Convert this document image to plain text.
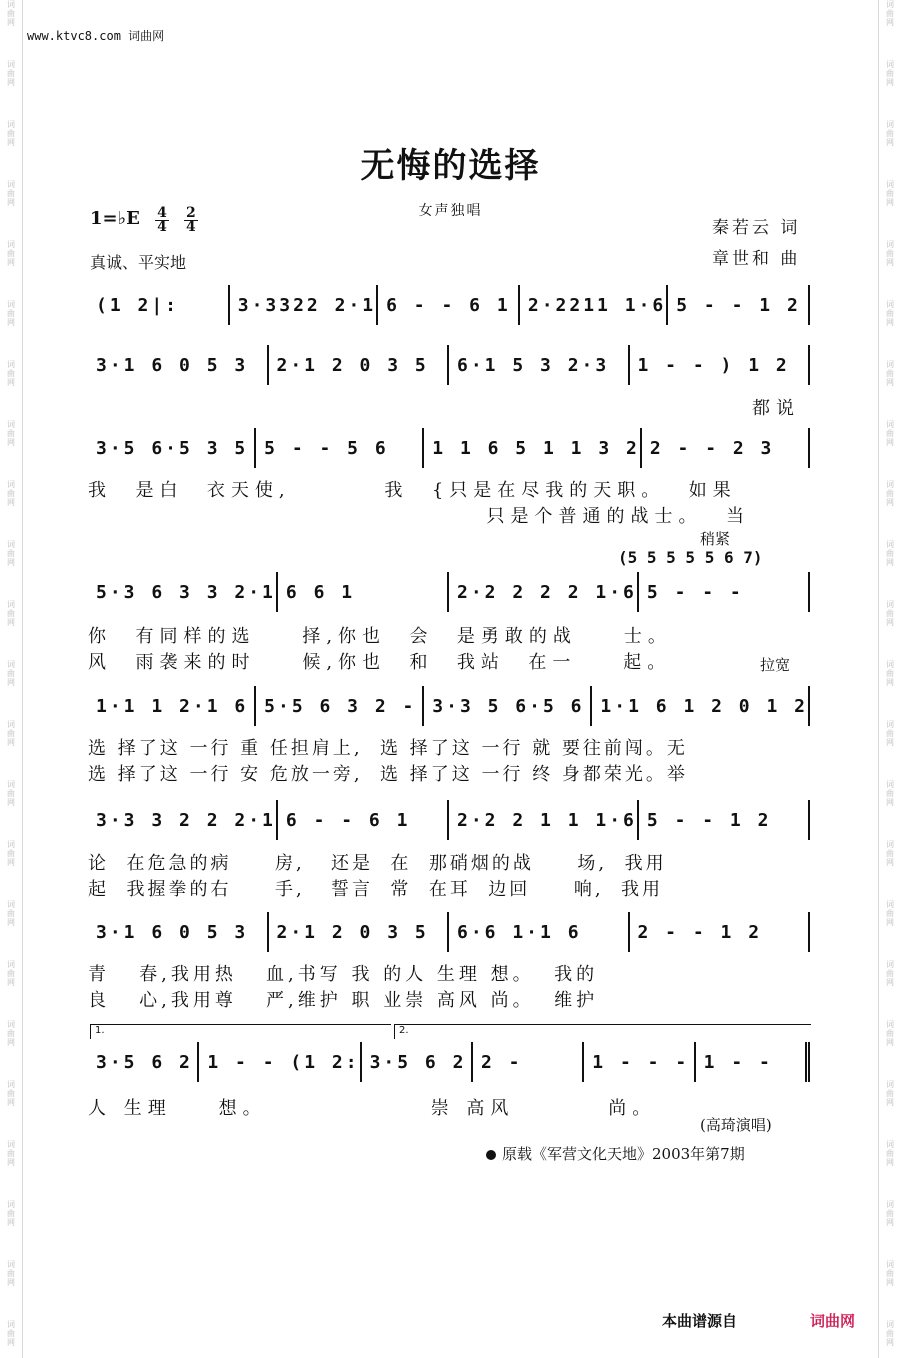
词
曲
网
词
曲
网
词
曲
网
词
曲
网
词
曲
网
词
曲
网
词
曲
网
词
曲
网
词
曲
网
词
曲
网
词
曲
网
词
曲
网
词
曲
网
词
曲
网
词
曲
网
词
曲
网
词
曲
网
词
曲
网
词
曲
网
词
曲
网
词
曲
网
词
曲
网
词
曲
网
词
曲
网
词
曲
网
词
曲
网
词
曲
网
词
曲
网
词
曲
网
词
曲
网
词
曲
网
词
曲
网
词
曲
网
词
曲
网
词
曲
网
词
曲
网
词
曲
网
词
曲
网
词
曲
网
词
曲
网
词
曲
网
词
曲
网
词
曲
网
词
曲
网
词
曲
网
词
曲
网
www.ktvc8.com 词曲网
无悔的选择
女声独唱
1=♭E $\frac{4}{4} \frac{2}{4}$
真诚、平实地
秦若云 词
章世和 曲
(1 2|:	3·3322 2·1 6 - - 6 1 2·2211 1·6 5 - - 1 2
3·1 6 0 5 3	2·1 2 0 3 5	6·1 5 3 2·3	1 - - ) 1 2
3·5 6·5 3 5 5 - - 5 6	1 1 6 5 1 1 3 2 2 - - 2 3
5·3 6 3 3 2·1 6 6 1	2·2 2 2 2 1·6 5 - - -
1·1 1 2·1 6 5·5 6 3 2 - 3·3 5 6·5 6 1·1 6 1 2 0 1 2
3·3 3 2 2 2·1 6 - - 6 1	2·2 2 1 1 1·6 5 - - 1 2
3·1 6 0 5 3	2·1 2 0 3 5	6·6 1·1 6	2 - - 1 2
3·5 6 2 1 - - (1 2: 3·5 6 2 2 -	1 - - - 1 - -
都说
我  是白  衣天使,        我  {只是在尽我的天职。  如果
只是个普通的战士。  当
你  有同样的选    择,你也  会  是勇敢的战    士。
风  雨袭来的时    候,你也  和  我站  在一    起。
选 择了这 一行 重 任担肩上,  选 择了这 一行 就 要往前闯。无
选 择了这 一行 安 危放一旁,  选 择了这 一行 终 身都荣光。举
论  在危急的病     房,   还是  在  那硝烟的战     场,  我用
起  我握拳的右     手,   誓言  常  在耳  边回     响,  我用
青   春,我用热   血,书写 我 的人 生理 想。  我的
良   心,我用尊   严,维护 职 业崇 高风 尚。  维护
人 生理    想。              崇 高风        尚。
稍紧
(5 5 5 5 5 6 7)
拉宽
1.	2.
(高琦演唱)
原载《军营文化天地》2003年第7期
本曲谱源自	词曲网
